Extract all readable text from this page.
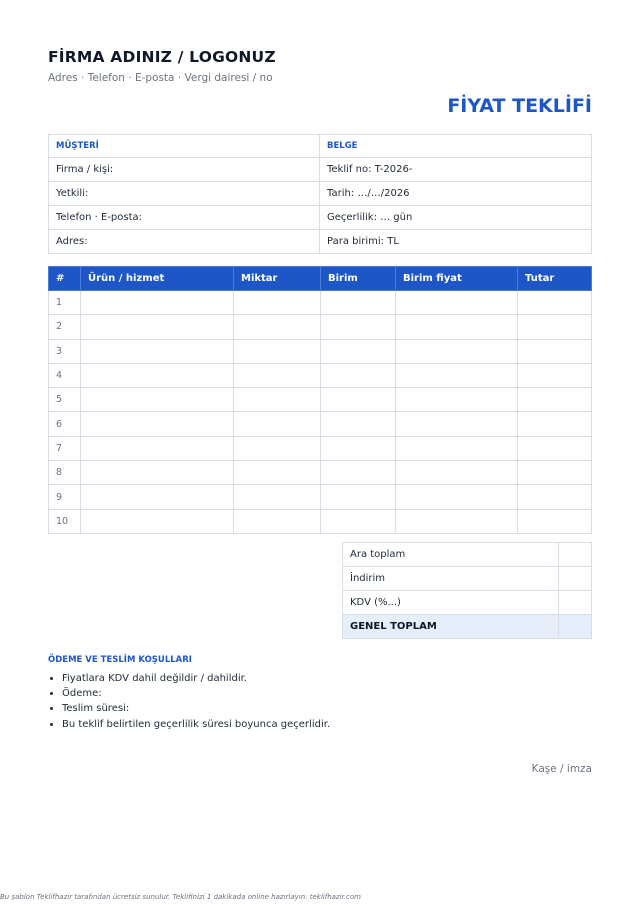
FİRMA ADINIZ / LOGONUZ
Adres · Telefon · E-posta · Vergi dairesi / no
FİYAT TEKLİFİ
MÜŞTERİ	BELGE
Firma / kişi:	Teklif no: T-2026-
Yetkili:	Tarih: …/…/2026
Telefon · E-posta:	Geçerlilik: … gün
Adres:	Para birimi: TL
#	Ürün / hizmet	Miktar	Birim	Birim fiyat	Tutar
1					
2					
3					
4					
5					
6					
7					
8					
9					
10					
Ara toplam	
İndirim	
KDV (%...)	
GENEL TOPLAM	
ÖDEME VE TESLİM KOŞULLARI
• Fiyatlara KDV dahil değildir / dahildir.
• Ödeme:
• Teslim süresi:
• Bu teklif belirtilen geçerlilik süresi boyunca geçerlidir.
Kaşe / imza
Bu şablon Teklifhazır tarafından ücretsiz sunulur. Teklifinizi 1 dakikada online hazırlayın: teklifhazir.com
